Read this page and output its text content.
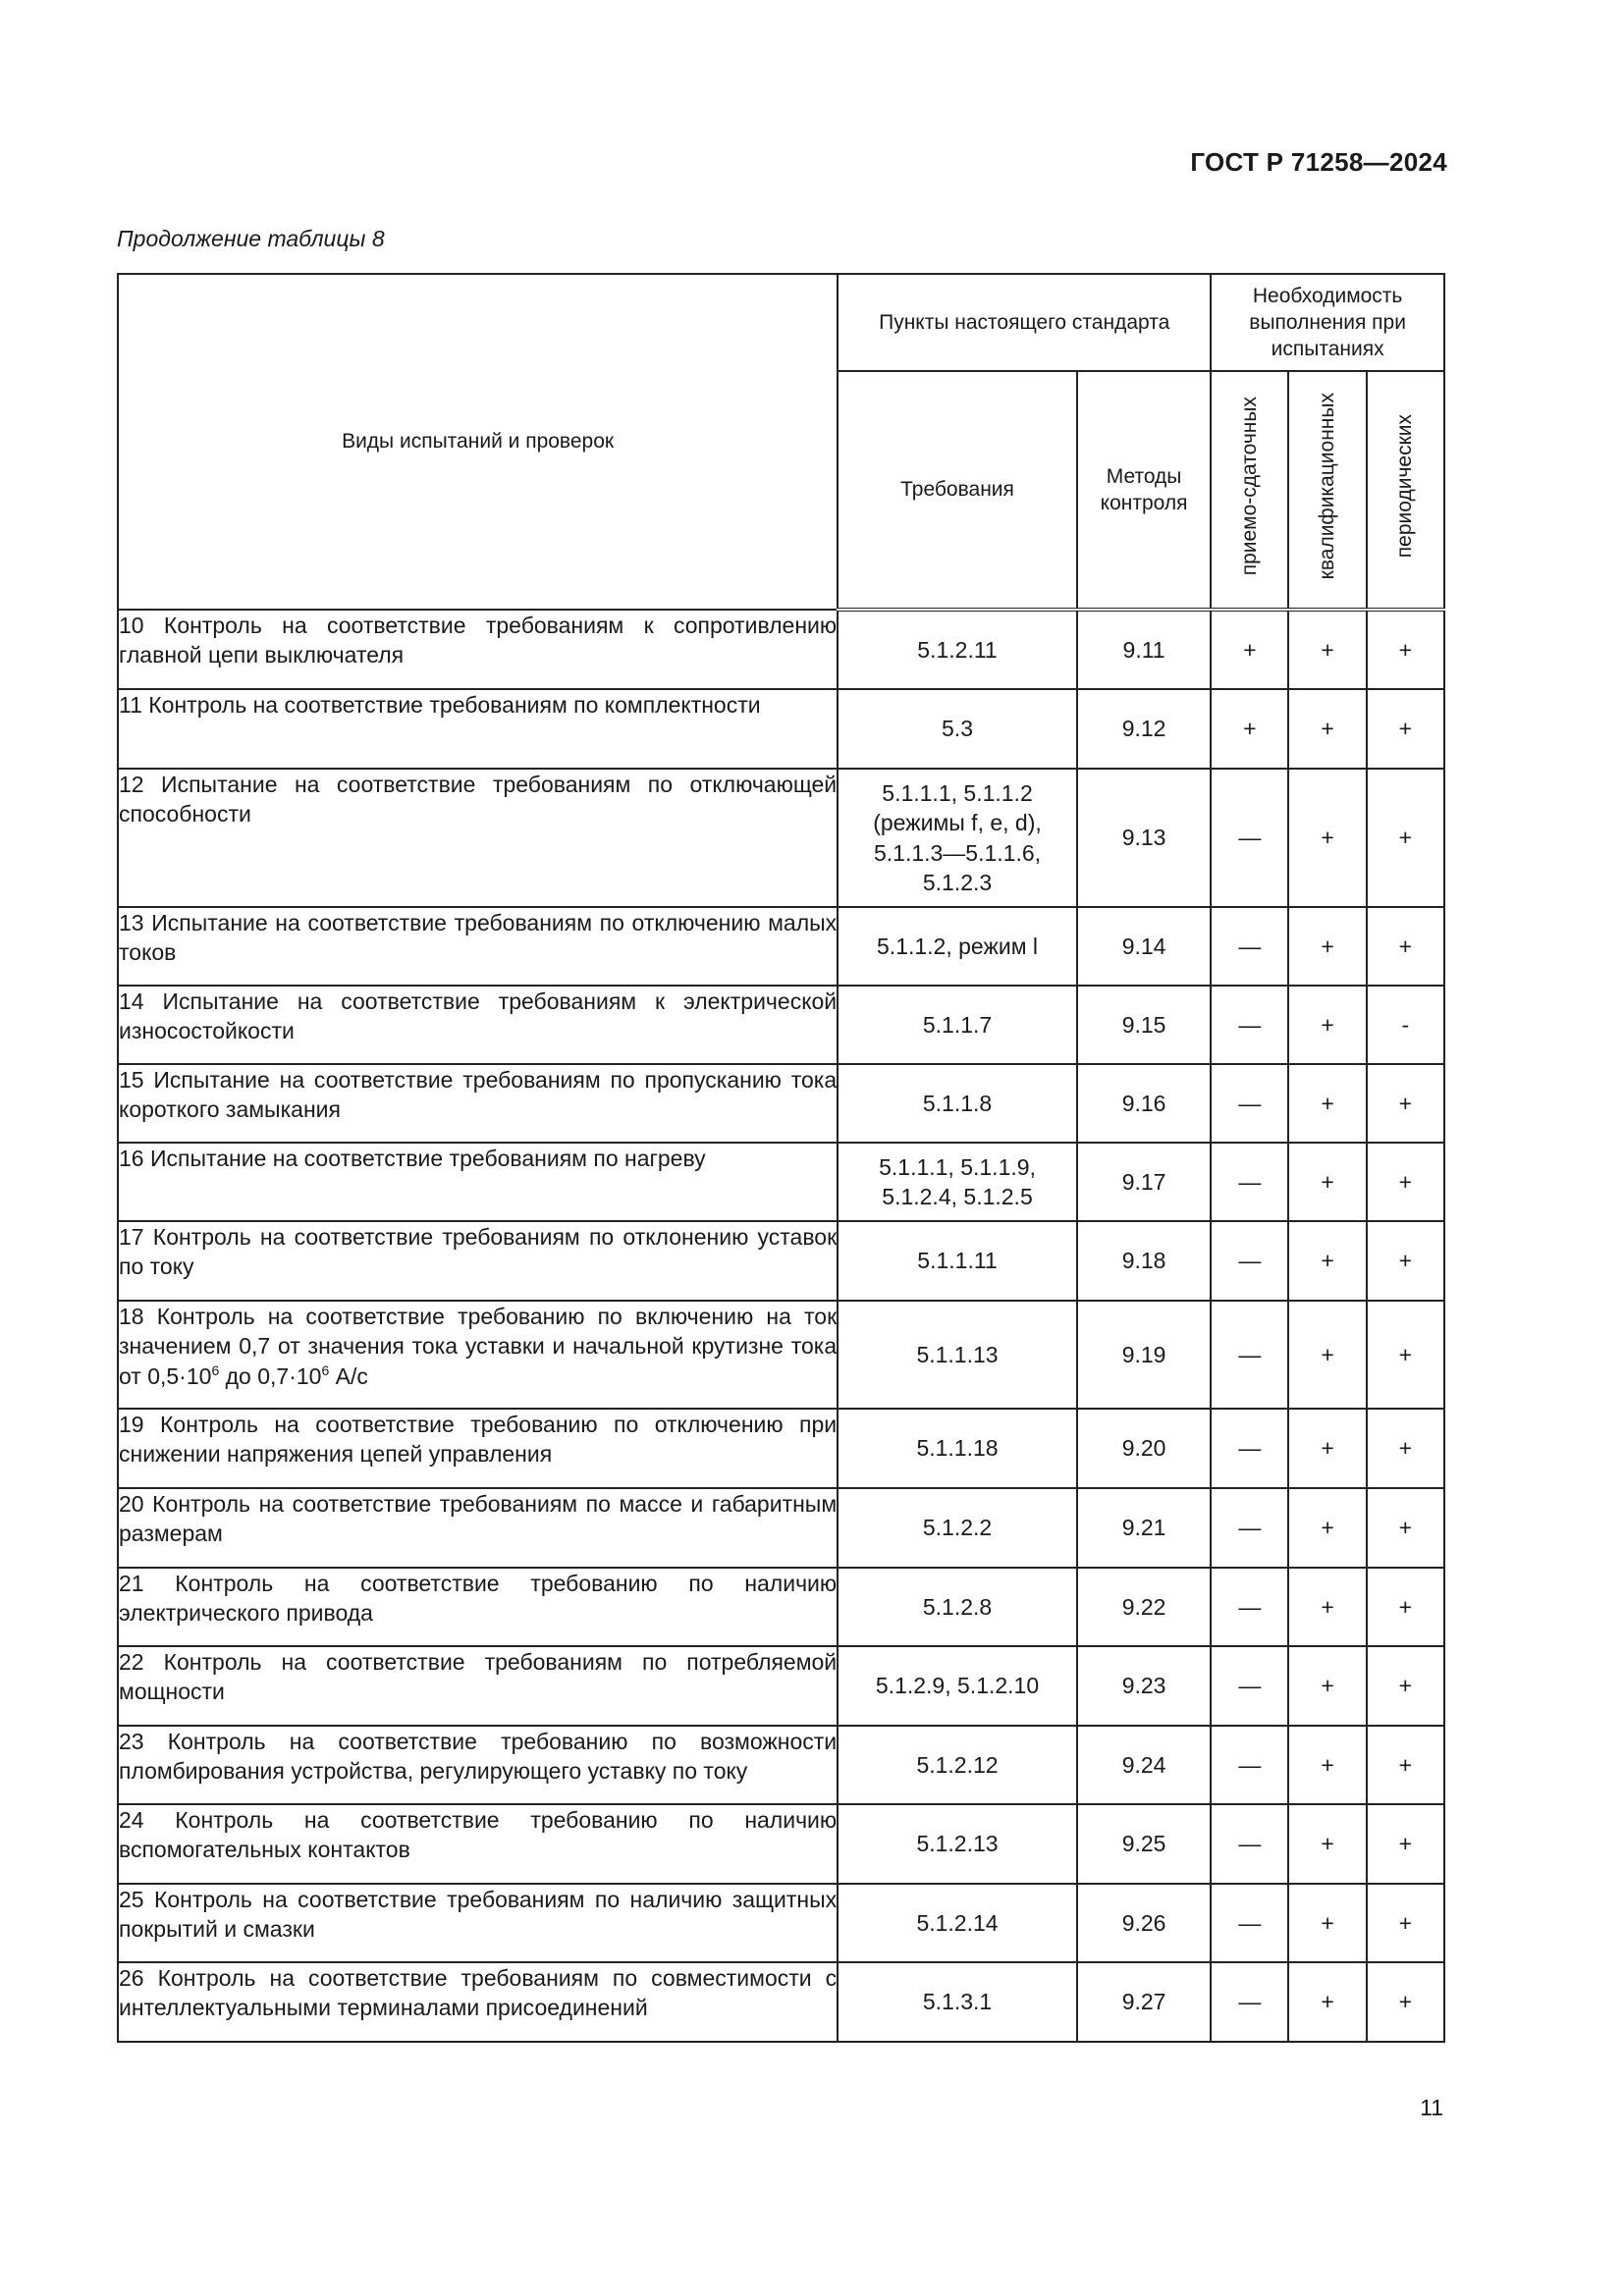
ГОСТ Р 71258—2024
Продолжение таблицы 8
Виды испытаний и проверок	Пункты настоящего стандарта		Необходимость
выполнения при
испытаниях		
	Требования	Методы
контроля	приемо-сдаточных	квалификационных	периодических
10 Контроль на соответствие требованиям к сопротивлению главной цепи выключателя	5.1.2.11	9.11	+	+	+
11 Контроль на соответствие требованиям по комплектности	5.3	9.12	+	+	+
12 Испытание на соответствие требованиям по отключающей способности	5.1.1.1, 5.1.1.2
(режимы f, e, d),
5.1.1.3—5.1.1.6,
5.1.2.3	9.13	—	+	+
13 Испытание на соответствие требованиям по отключению малых токов	5.1.1.2, режим l	9.14	—	+	+
14 Испытание на соответствие требованиям к электрической износостойкости	5.1.1.7	9.15	—	+	-
15 Испытание на соответствие требованиям по пропусканию тока короткого замыкания	5.1.1.8	9.16	—	+	+
16 Испытание на соответствие требованиям по нагреву	5.1.1.1, 5.1.1.9,
5.1.2.4, 5.1.2.5	9.17	—	+	+
17 Контроль на соответствие требованиям по отклонению уставок по току	5.1.1.11	9.18	—	+	+
18 Контроль на соответствие требованию по включению на ток значением 0,7 от значения тока уставки и начальной крутизне тока от $0,5\cdot 10^6$ до $0,7\cdot 10^6$ А/с	5.1.1.13	9.19	—	+	+
19 Контроль на соответствие требованию по отключению при снижении напряжения цепей управления	5.1.1.18	9.20	—	+	+
20 Контроль на соответствие требованиям по массе и габаритным размерам	5.1.2.2	9.21	—	+	+
21 Контроль на соответствие требованию по наличию электрического привода	5.1.2.8	9.22	—	+	+
22 Контроль на соответствие требованиям по потребляемой мощности	5.1.2.9, 5.1.2.10	9.23	—	+	+
23 Контроль на соответствие требованию по возможности пломбирования устройства, регулирующего уставку по току	5.1.2.12	9.24	—	+	+
24 Контроль на соответствие требованию по наличию вспомогательных контактов	5.1.2.13	9.25	—	+	+
25 Контроль на соответствие требованиям по наличию защитных покрытий и смазки	5.1.2.14	9.26	—	+	+
26 Контроль на соответствие требованиям по совместимости с интеллектуальными терминалами присоединений	5.1.3.1	9.27	—	+	+
11
